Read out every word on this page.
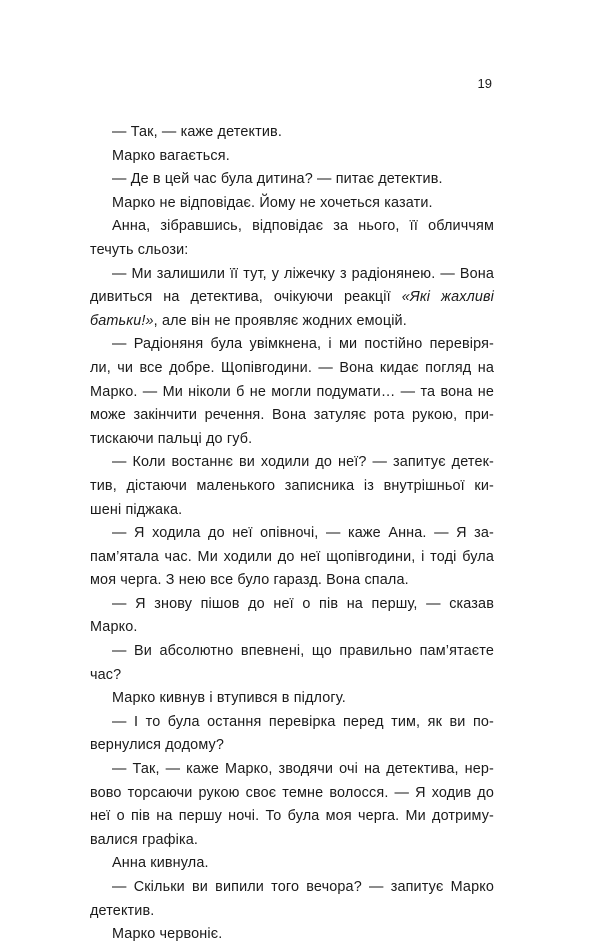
19

— Так, — каже детектив.

Марко вагається.

— Де в цей час була дитина? — питає детектив.

Марко не відповідає. Йому не хочеться казати.

Анна, зібравшись, відповідає за нього, її обличчям
течуть сльози:

— Ми залишили її тут, у ліжечку з радіонянею. — Вона
дивиться на детектива, очікуючи реакції «Які жахливі
батьки!», але він не проявляє жодних емоцій.

— Радіоняня була увімкнена, і ми постійно перевіря-
ли, чи все добре. Щопівгодини. — Вона кидає погляд на
Марко. — Ми ніколи б не могли подумати… — та вона не
може закінчити речення. Вона затуляє рота рукою, при-
тискаючи пальці до губ.

— Коли востаннє ви ходили до неї? — запитує детек-
тив, дістаючи маленького записника із внутрішньої ки-
шені піджака.

— Я ходила до неї опівночі, — каже Анна. — Я за-
пам’ятала час. Ми ходили до неї щопівгодини, і тоді була
моя черга. З нею все було гаразд. Вона спала.

— Я знову пішов до неї о пів на першу, — сказав
Марко.

— Ви абсолютно впевнені, що правильно пам’ятаєте
час?

Марко кивнув і втупився в підлогу.

— І то була остання перевірка перед тим, як ви по-
вернулися додому?

— Так, — каже Марко, зводячи очі на детектива, нер-
вово торсаючи рукою своє темне волосся. — Я ходив до
неї о пів на першу ночі. То була моя черга. Ми дотриму-
валися графіка.

Анна кивнула.

— Скільки ви випили того вечора? — запитує Марко
детектив.

Марко червоніє.
